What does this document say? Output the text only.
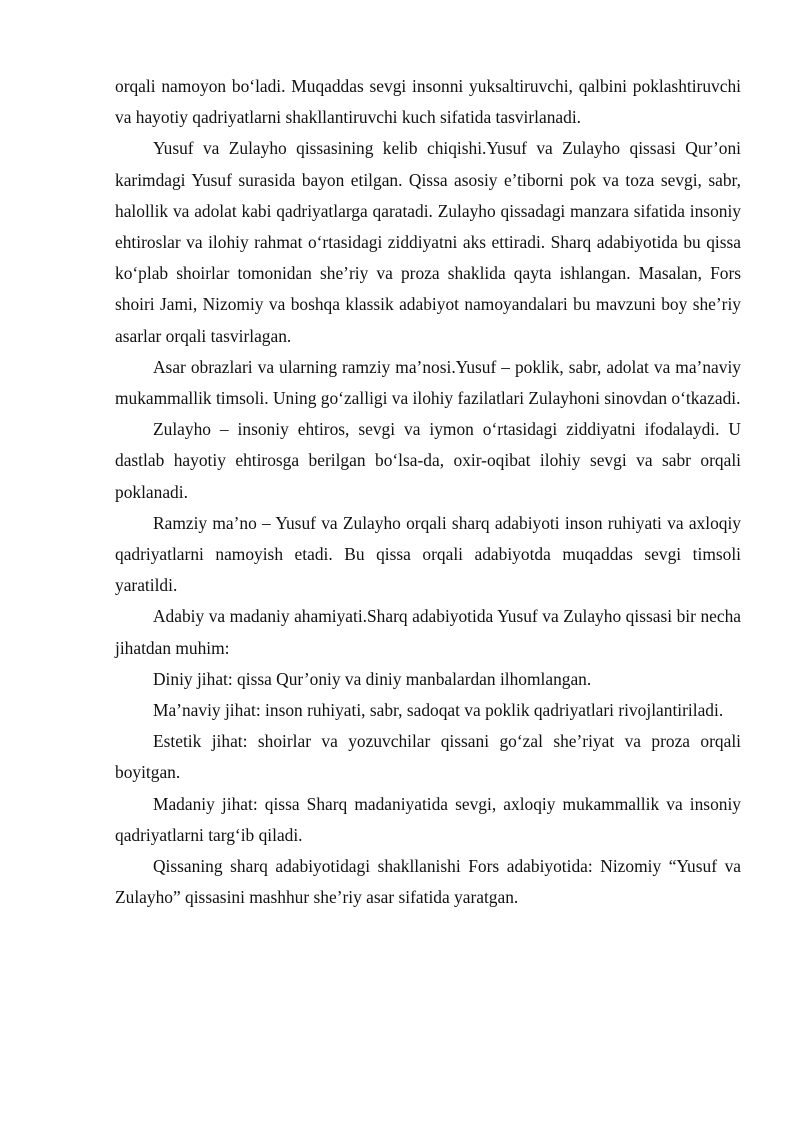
orqali namoyon bo‘ladi. Muqaddas sevgi insonni yuksaltiruvchi, qalbini poklashtiruvchi va hayotiy qadriyatlarni shakllantiruvchi kuch sifatida tasvirlanadi.

Yusuf va Zulayho qissasining kelib chiqishi.Yusuf va Zulayho qissasi Qur’oni karimdagi Yusuf surasida bayon etilgan. Qissa asosiy e’tiborni pok va toza sevgi, sabr, halollik va adolat kabi qadriyatlarga qaratadi. Zulayho qissadagi manzara sifatida insoniy ehtiroslar va ilohiy rahmat o‘rtasidagi ziddiyatni aks ettiradi. Sharq adabiyotida bu qissa ko‘plab shoirlar tomonidan she’riy va proza shaklida qayta ishlangan. Masalan, Fors shoiri Jami, Nizomiy va boshqa klassik adabiyot namoyandalari bu mavzuni boy she’riy asarlar orqali tasvirlagan.

Asar obrazlari va ularning ramziy ma’nosi.Yusuf – poklik, sabr, adolat va ma’naviy mukammallik timsoli. Uning go‘zalligi va ilohiy fazilatlari Zulayhoni sinovdan o‘tkazadi.

Zulayho – insoniy ehtiros, sevgi va iymon o‘rtasidagi ziddiyatni ifodalaydi. U dastlab hayotiy ehtirosga berilgan bo‘lsa-da, oxir-oqibat ilohiy sevgi va sabr orqali poklanadi.

Ramziy ma’no – Yusuf va Zulayho orqali sharq adabiyoti inson ruhiyati va axloqiy qadriyatlarni namoyish etadi. Bu qissa orqali adabiyotda muqaddas sevgi timsoli yaratildi.

Adabiy va madaniy ahamiyati.Sharq adabiyotida Yusuf va Zulayho qissasi bir necha jihatdan muhim:

Diniy jihat: qissa Qur’oniy va diniy manbalardan ilhomlangan.

Ma’naviy jihat: inson ruhiyati, sabr, sadoqat va poklik qadriyatlari rivojlantiriladi.

Estetik jihat: shoirlar va yozuvchilar qissani go‘zal she’riyat va proza orqali boyitgan.

Madaniy jihat: qissa Sharq madaniyatida sevgi, axloqiy mukammallik va insoniy qadriyatlarni targ‘ib qiladi.

Qissaning sharq adabiyotidagi shakllanishi Fors adabiyotida: Nizomiy “Yusuf va Zulayho” qissasini mashhur she’riy asar sifatida yaratgan.
